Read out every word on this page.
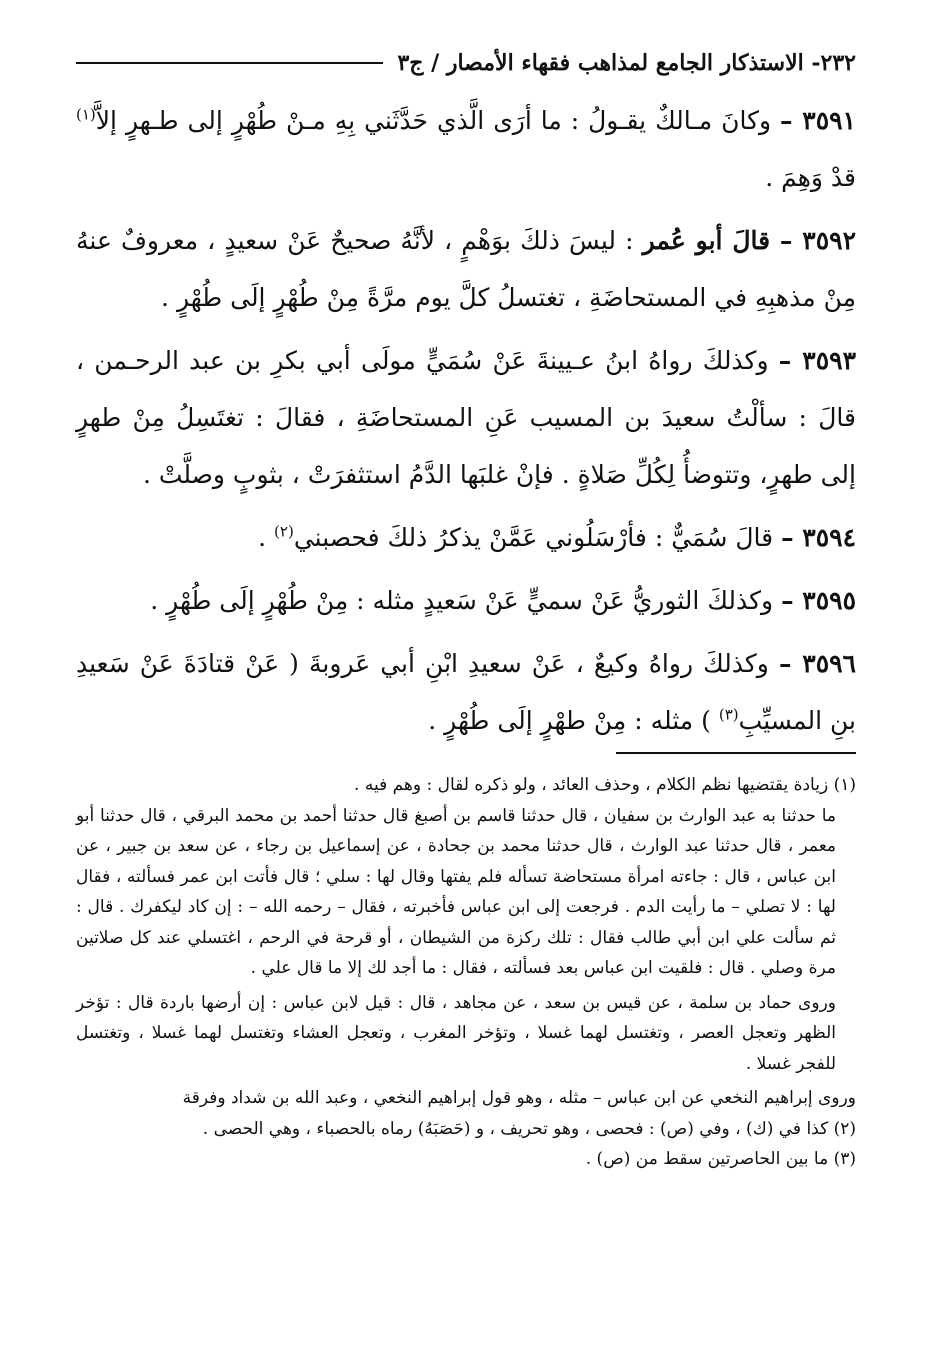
٢٣٢- الاستذكار الجامع لمذاهب فقهاء الأمصار / ج٣

٣٥٩١ – وكانَ مـالكٌ يقـولُ : ما أرَى الَّذي حَدَّثَني بِهِ مـنْ طُهْرٍ إلى طـهرٍ إلاَّ$^{(١)}$ قدْ وَهِمَ .

٣٥٩٢ – قالَ أبو عُمر : ليسَ ذلكَ بوَهْمٍ ، لأنَّهُ صحيحٌ عَنْ سعيدٍ ، معروفٌ عنهُ مِنْ مذهبِهِ في المستحاضَةِ ، تغتسلُ كلَّ يوم مرَّةً مِنْ طُهْرٍ إلَى طُهْرٍ .

٣٥٩٣ – وكذلكَ رواهُ ابنُ عـيينةَ عَنْ سُمَيٍّ مولَى أبي بكرِ بن عبد الرحـمن ، قالَ : سألْتُ سعيدَ بن المسيب عَنِ المستحاضَةِ ، فقالَ : تغتَسِلُ مِنْ طهرٍ إلى طهرٍ، وتتوضأُ لِكُلِّ صَلاةٍ . فإنْ غلبَها الدَّمُ استثفرَتْ ، بثوبٍ وصلَّتْ .

٣٥٩٤ – قالَ سُمَيٌّ : فأرْسَلُوني عَمَّنْ يذكرُ ذلكَ فحصبني$^{(٢)}$ .

٣٥٩٥ – وكذلكَ الثوريُّ عَنْ سميٍّ عَنْ سَعيدٍ مثله : مِنْ طُهْرٍ إلَى طُهْرٍ .

٣٥٩٦ – وكذلكَ رواهُ وكيعٌ ، عَنْ سعيدِ ابْنِ أبي عَروبةَ ( عَنْ قتادَةَ عَنْ سَعيدِ بنِ المسيِّبِ$^{(٣)}$ ) مثله : مِنْ طهْرٍ إلَى طُهْرٍ .

(١) زيادة يقتضيها نظم الكلام ، وحذف العائد ، ولو ذكره لقال : وهم فيه .

ما حدثنا به عبد الوارث بن سفيان ، قال حدثنا قاسم بن أصبغ قال حدثنا أحمد بن محمد البرقي ، قال حدثنا أبو معمر ، قال حدثنا عبد الوارث ، قال حدثنا محمد بن جحادة ، عن إسماعيل بن رجاء ، عن سعد بن جبير ، عن ابن عباس ، قال : جاءته امرأة مستحاضة تسأله فلم يفتها وقال لها : سلي ؛ قال فأتت ابن عمر فسألته ، فقال لها : لا تصلي – ما رأيت الدم . فرجعت إلى ابن عباس فأخبرته ، فقال – رحمه الله – : إن كاد ليكفرك . قال : ثم سألت علي ابن أبي طالب فقال : تلك ركزة من الشيطان ، أو قرحة في الرحم ، اغتسلي عند كل صلاتين مرة وصلي . قال : فلقيت ابن عباس بعد فسألته ، فقال : ما أجد لك إلا ما قال علي .

وروى حماد بن سلمة ، عن قيس بن سعد ، عن مجاهد ، قال : قيل لابن عباس : إن أرضها باردة قال : تؤخر الظهر وتعجل العصر ، وتغتسل لهما غسلا ، وتؤخر المغرب ، وتعجل العشاء وتغتسل لهما غسلا ، وتغتسل للفجر غسلا .

وروى إبراهيم النخعي عن ابن عباس – مثله ، وهو قول إبراهيم النخعي ، وعبد الله بن شداد وفرقة

(٢) كذا في (ك) ، وفي (ص) : فحصى ، وهو تحريف ، و (حَصَبَهُ) رماه بالحصباء ، وهي الحصى .

(٣) ما بين الحاصرتين سقط من (ص) .
